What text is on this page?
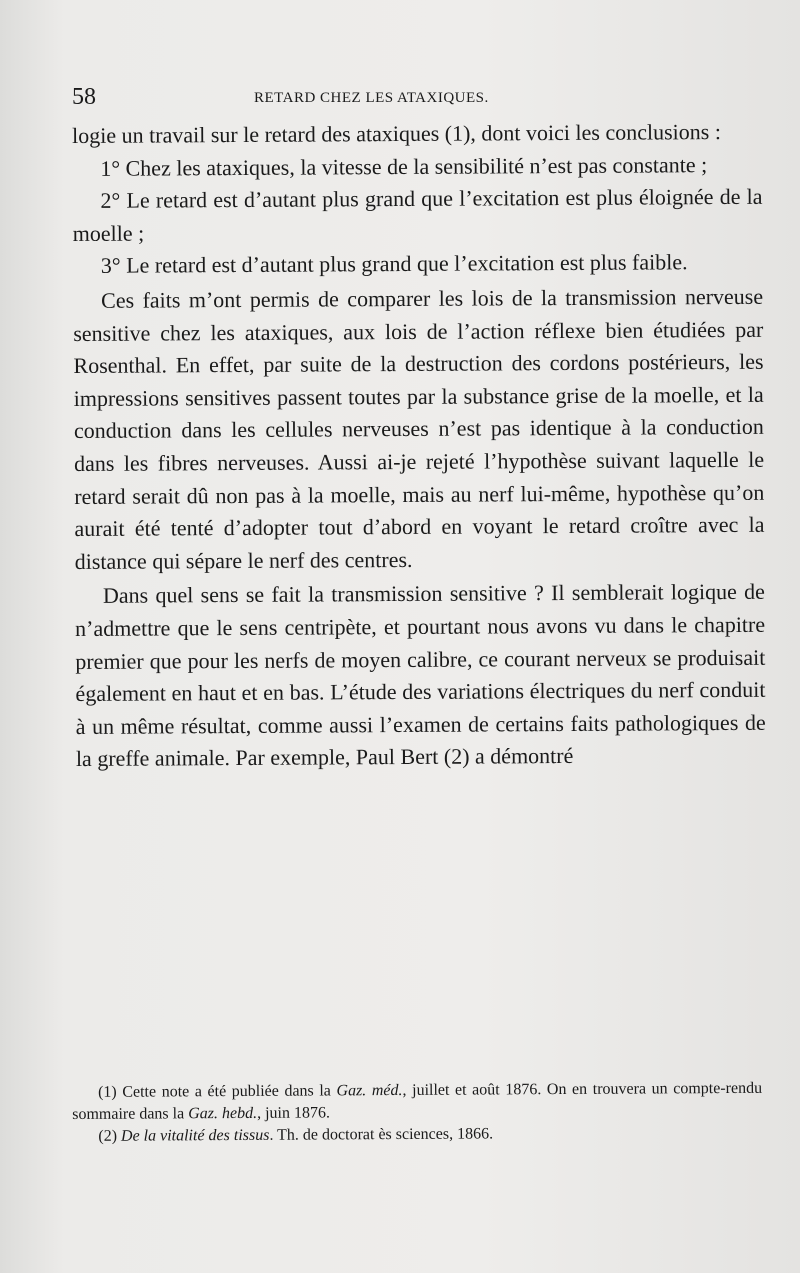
58	RETARD CHEZ LES ATAXIQUES.

logie un travail sur le retard des ataxiques (1), dont voici les conclusions :

1° Chez les ataxiques, la vitesse de la sensibilité n’est pas constante ;

2° Le retard est d’autant plus grand que l’excitation est plus éloignée de la moelle ;

3° Le retard est d’autant plus grand que l’excitation est plus faible.

Ces faits m’ont permis de comparer les lois de la transmission nerveuse sensitive chez les ataxiques, aux lois de l’action réflexe bien étudiées par Rosenthal. En effet, par suite de la destruction des cordons postérieurs, les impressions sensitives passent toutes par la substance grise de la moelle, et la conduction dans les cellules nerveuses n’est pas identique à la conduction dans les fibres nerveuses. Aussi ai-je rejeté l’hypothèse suivant laquelle le retard serait dû non pas à la moelle, mais au nerf lui-même, hypothèse qu’on aurait été tenté d’adopter tout d’abord en voyant le retard croître avec la distance qui sépare le nerf des centres.

Dans quel sens se fait la transmission sensitive ? Il semblerait logique de n’admettre que le sens centripète, et pourtant nous avons vu dans le chapitre premier que pour les nerfs de moyen calibre, ce courant nerveux se produisait également en haut et en bas. L’étude des variations électriques du nerf conduit à un même résultat, comme aussi l’examen de certains faits pathologiques de la greffe animale. Par exemple, Paul Bert (2) a démontré

(1) Cette note a été publiée dans la Gaz. méd., juillet et août 1876. On en trouvera un compte-rendu sommaire dans la Gaz. hebd., juin 1876.

(2) De la vitalité des tissus. Th. de doctorat ès sciences, 1866.
